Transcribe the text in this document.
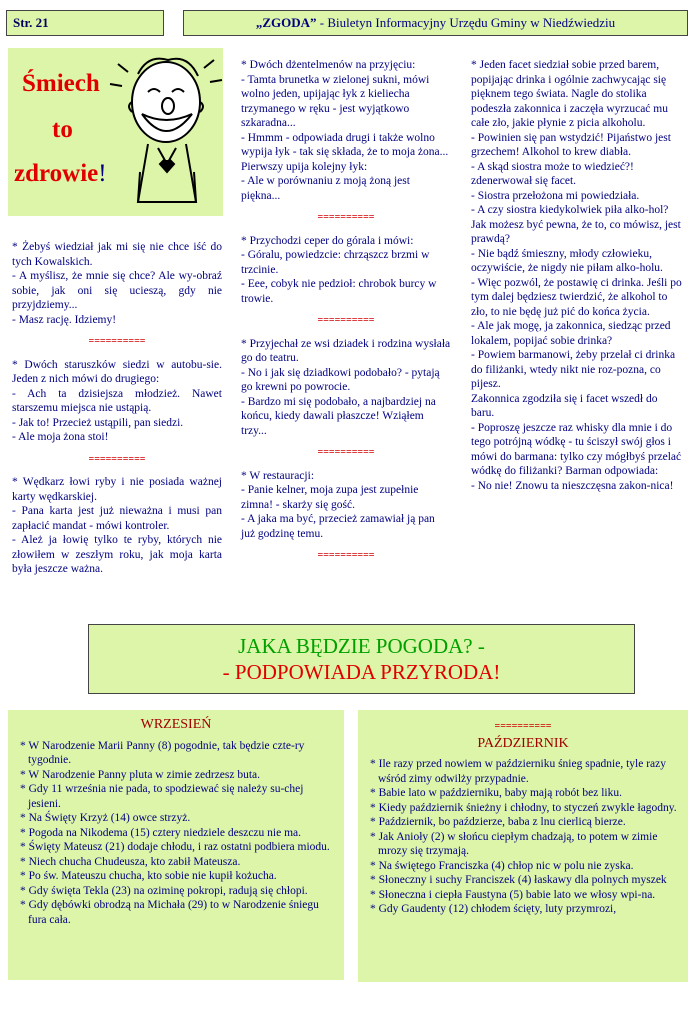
Str. 21	„ZGODA” - Biuletyn Informacyjny Urzędu Gminy w Niedźwiedziu
Śmiech
to
zdrowie!

* Żebyś wiedział jak mi się nie chce iść do tych Kowalskich.

- A myślisz, że mnie się chce? Ale wy-obraź sobie, jak oni się ucieszą, gdy nie przyjdziemy...

- Masz rację. Idziemy!

==========

* Dwóch staruszków siedzi w autobu-sie. Jeden z nich mówi do drugiego:

- Ach ta dzisiejsza młodzież. Nawet starszemu miejsca nie ustąpią.

- Jak to! Przecież ustąpili, pan siedzi.

- Ale moja żona stoi!

==========

* Wędkarz łowi ryby i nie posiada ważnej karty wędkarskiej.

- Pana karta jest już nieważna i musi pan zapłacić mandat - mówi kontroler.

- Ależ ja łowię tylko te ryby, których nie złowiłem w zeszłym roku, jak moja karta była jeszcze ważna.

* Dwóch dżentelmenów na przyjęciu:

- Tamta brunetka w zielonej sukni, mówi wolno jeden, upijając łyk z kieliecha trzymanego w ręku - jest wyjątkowo szkaradna...

- Hmmm - odpowiada drugi i także wolno wypija łyk - tak się składa, że to moja żona...

Pierwszy upija kolejny łyk:

- Ale w porównaniu z moją żoną jest piękna...

==========

* Przychodzi ceper do górala i mówi:

- Góralu, powiedzcie: chrząszcz brzmi w trzcinie.

- Eee, cobyk nie pedzioł: chrobok burcy w trowie.

==========

* Przyjechał ze wsi dziadek i rodzina wysłała go do teatru.

- No i jak się dziadkowi podobało? - pytają go krewni po powrocie.

- Bardzo mi się podobało, a najbardziej na końcu, kiedy dawali płaszcze! Wziąłem trzy...

==========

* W restauracji:

- Panie kelner, moja zupa jest zupełnie zimna! - skarży się gość.

- A jaka ma być, przecież zamawiał ją pan już godzinę temu.

==========

* Jeden facet siedział sobie przed barem, popijając drinka i ogólnie zachwycając się pięknem tego świata. Nagle do stolika podeszła zakonnica i zaczęła wyrzucać mu całe zło, jakie płynie z picia alkoholu.

- Powinien się pan wstydzić! Pijaństwo jest grzechem! Alkohol to krew diabła.

- A skąd siostra może to wiedzieć?! zdenerwował się facet.

- Siostra przełożona mi powiedziała.

- A czy siostra kiedykolwiek piła alko-hol? Jak możesz być pewna, że to, co mówisz, jest prawdą?

- Nie bądź śmieszny, młody człowieku, oczywiście, że nigdy nie piłam alko-holu.

- Więc pozwól, że postawię ci drinka. Jeśli po tym dalej będziesz twierdzić, że alkohol to zło, to nie będę już pić do końca życia.

- Ale jak mogę, ja zakonnica, siedząc przed lokalem, popijać sobie drinka?

- Powiem barmanowi, żeby przelał ci drinka do filiżanki, wtedy nikt nie roz-pozna, co pijesz.

Zakonnica zgodziła się i facet wszedł do baru.

- Poproszę jeszcze raz whisky dla mnie i do tego potrójną wódkę - tu ściszył swój głos i mówi do barmana: tylko czy mógłbyś przelać wódkę do filiżanki? Barman odpowiada:

- No nie! Znowu ta nieszczęsna zakon-nica!

JAKA BĘDZIE POGODA? -
- PODPOWIADA PRZYRODA!
WRZESIEŃ
* W Narodzenie Marii Panny (8) pogodnie, tak będzie czte-ry tygodnie.
* W Narodzenie Panny pluta w zimie zedrzesz buta.
* Gdy 11 września nie pada, to spodziewać się należy su-chej jesieni.
* Na Święty Krzyż (14) owce strzyż.
* Pogoda na Nikodema (15) cztery niedziele deszczu nie ma.
* Święty Mateusz (21) dodaje chłodu, i raz ostatni podbiera miodu.
* Niech chucha Chudeusza, kto zabił Mateusza.
* Po św. Mateuszu chucha, kto sobie nie kupił kożucha.
* Gdy święta Tekla (23) na oziminę pokropi, radują się chłopi.
* Gdy dębówki obrodzą na Michała (29) to w Narodzenie śniegu fura cała.
==========
PAŹDZIERNIK
* Ile razy przed nowiem w październiku śnieg spadnie, tyle razy wśród zimy odwilży przypadnie.
* Babie lato w październiku, baby mają robót bez liku.
* Kiedy październik śnieżny i chłodny, to styczeń zwykle łagodny.
* Październik, bo paździerze, baba z lnu cierlicą bierze.
* Jak Anioły (2) w słońcu ciepłym chadzają, to potem w zimie mrozy się trzymają.
* Na świętego Franciszka (4) chłop nic w polu nie zyska.
* Słoneczny i suchy Franciszek (4) łaskawy dla polnych myszek
* Słoneczna i ciepła Faustyna (5) babie lato we włosy wpi-na.
* Gdy Gaudenty (12) chłodem ścięty, luty przymrozi,
